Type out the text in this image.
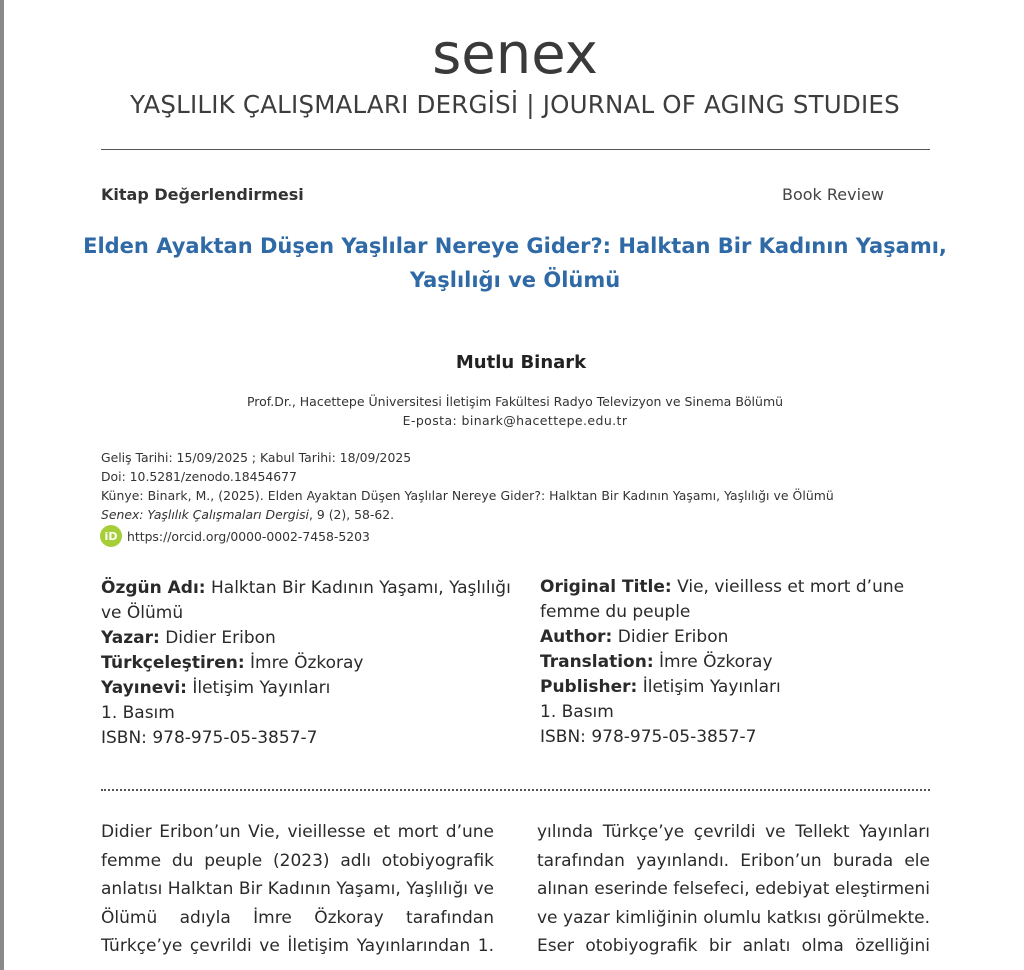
senex
YAŞLILIK ÇALIŞMALARI DERGİSİ | JOURNAL OF AGING STUDIES
Kitap Değerlendirmesi	Book Review
Elden Ayaktan Düşen Yaşlılar Nereye Gider?: Halktan Bir Kadının Yaşamı,
Yaşlılığı ve Ölümü
Mutlu Binark
Prof.Dr., Hacettepe Üniversitesi İletişim Fakültesi Radyo Televizyon ve Sinema Bölümü
E-posta: binark@hacettepe.edu.tr
Geliş Tarihi: 15/09/2025 ; Kabul Tarihi: 18/09/2025
Doi: 10.5281/zenodo.18454677
Künye: Binark, M., (2025). Elden Ayaktan Düşen Yaşlılar Nereye Gider?: Halktan Bir Kadının Yaşamı, Yaşlılığı ve Ölümü
Senex: Yaşlılık Çalışmaları Dergisi, 9 (2), 58-62.
iD https://orcid.org/0000-0002-7458-5203
Özgün Adı: Halktan Bir Kadının Yaşamı, Yaşlılığı ve Ölümü
Yazar: Didier Eribon
Türkçeleştiren: İmre Özkoray
Yayınevi: İletişim Yayınları
1. Basım
ISBN: 978-975-05-3857-7
Original Title: Vie, vieilless et mort d’une femme du peuple
Author: Didier Eribon
Translation: İmre Özkoray
Publisher: İletişim Yayınları
1. Basım
ISBN: 978-975-05-3857-7
Didier Eribon’un Vie, vieillesse et mort d’une
femme du peuple (2023) adlı otobiyografik
anlatısı Halktan Bir Kadının Yaşamı, Yaşlılığı ve
Ölümü adıyla İmre Özkoray tarafından
Türkçe’ye çevrildi ve İletişim Yayınlarından 1.
yılında Türkçe’ye çevrildi ve Tellekt Yayınları
tarafından yayınlandı. Eribon’un burada ele
alınan eserinde felsefeci, edebiyat eleştirmeni
ve yazar kimliğinin olumlu katkısı görülmekte.
Eser otobiyografik bir anlatı olma özelliğini
